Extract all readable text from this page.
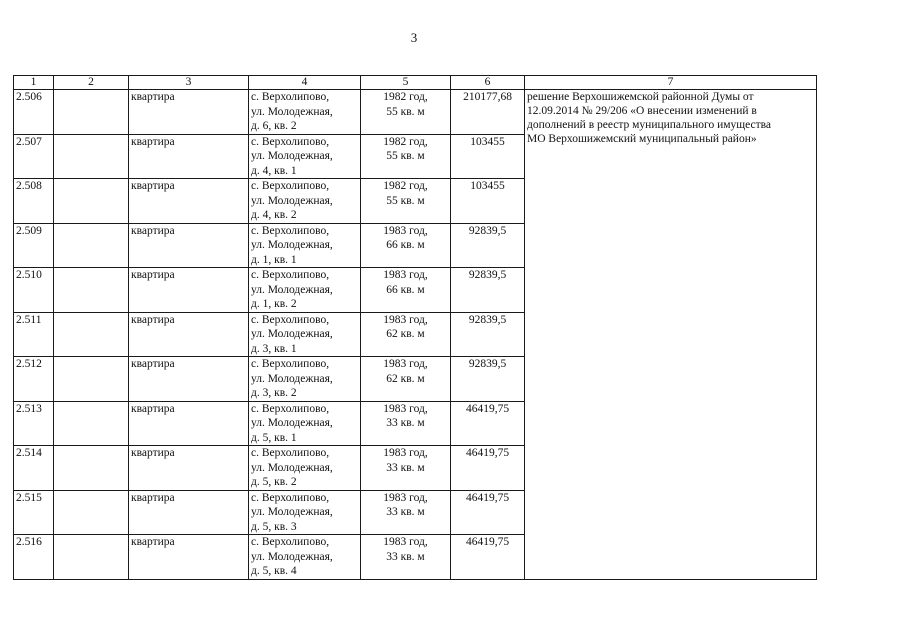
3
1	2	3	4	5	6	7
2.506		квартира	с. Верхолипово,
ул. Молодежная,
д. 6, кв. 2	1982 год,
55 кв. м	210177,68	решение Верхошижемской районной Думы от
12.09.2014 № 29/206 «О внесении изменений в
дополнений в реестр муниципального имущества
МО Верхошижемский муниципальный район»

2.507		квартира	с. Верхолипово,
ул. Молодежная,
д. 4, кв. 1	1982 год,
55 кв. м	103455	
2.508		квартира	с. Верхолипово,
ул. Молодежная,
д. 4, кв. 2	1982 год,
55 кв. м	103455	
2.509		квартира	с. Верхолипово,
ул. Молодежная,
д. 1, кв. 1	1983 год,
66 кв. м	92839,5	
2.510		квартира	с. Верхолипово,
ул. Молодежная,
д. 1, кв. 2	1983 год,
66 кв. м	92839,5	
2.511		квартира	с. Верхолипово,
ул. Молодежная,
д. 3, кв. 1	1983 год,
62 кв. м	92839,5	
2.512		квартира	с. Верхолипово,
ул. Молодежная,
д. 3, кв. 2	1983 год,
62 кв. м	92839,5	
2.513		квартира	с. Верхолипово,
ул. Молодежная,
д. 5, кв. 1	1983 год,
33 кв. м	46419,75	
2.514		квартира	с. Верхолипово,
ул. Молодежная,
д. 5, кв. 2	1983 год,
33 кв. м	46419,75	
2.515		квартира	с. Верхолипово,
ул. Молодежная,
д. 5, кв. 3	1983 год,
33 кв. м	46419,75	
2.516		квартира	с. Верхолипово,
ул. Молодежная,
д. 5, кв. 4	1983 год,
33 кв. м	46419,75	
